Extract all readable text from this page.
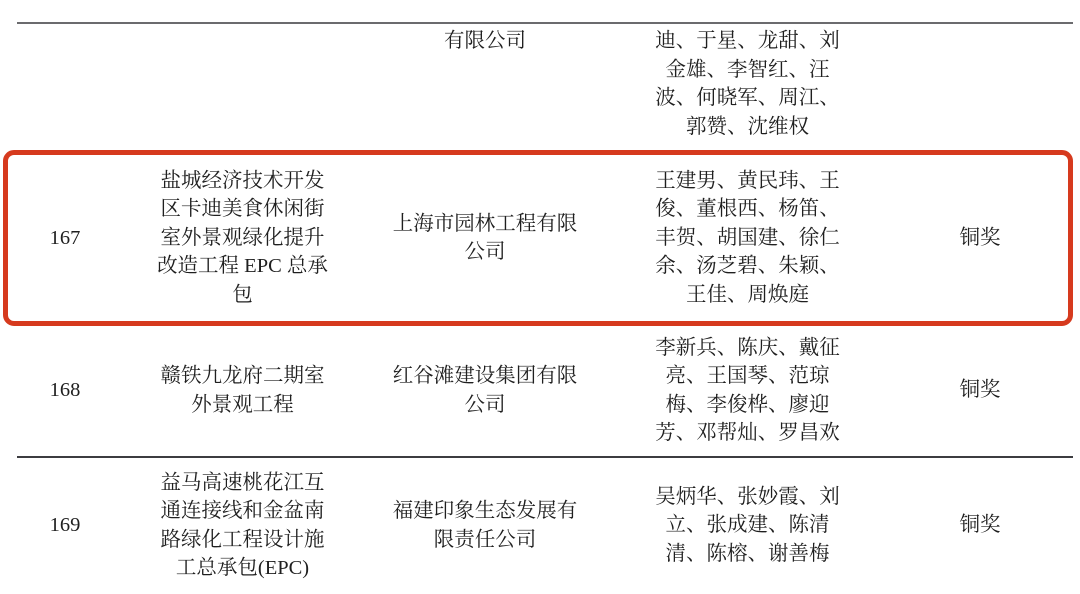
有限公司	迪、于星、龙甜、刘金雄、李智红、汪波、何晓军、周江、郭赞、沈维权
167
盐城经济技术开发区卡迪美食休闲街室外景观绿化提升改造工程 EPC 总承包
上海市园林工程有限公司
王建男、黄民玮、王俊、董根西、杨笛、丰贺、胡国建、徐仁余、汤芝碧、朱颖、王佳、周焕庭
铜奖
168
赣铁九龙府二期室外景观工程
红谷滩建设集团有限公司
李新兵、陈庆、戴征亮、王国琴、范琼梅、李俊桦、廖迎芳、邓帮灿、罗昌欢
铜奖
169
益马高速桃花江互通连接线和金盆南路绿化工程设计施工总承包(EPC)
福建印象生态发展有限责任公司
吴炳华、张妙霞、刘立、张成建、陈清清、陈榕、谢善梅
铜奖
